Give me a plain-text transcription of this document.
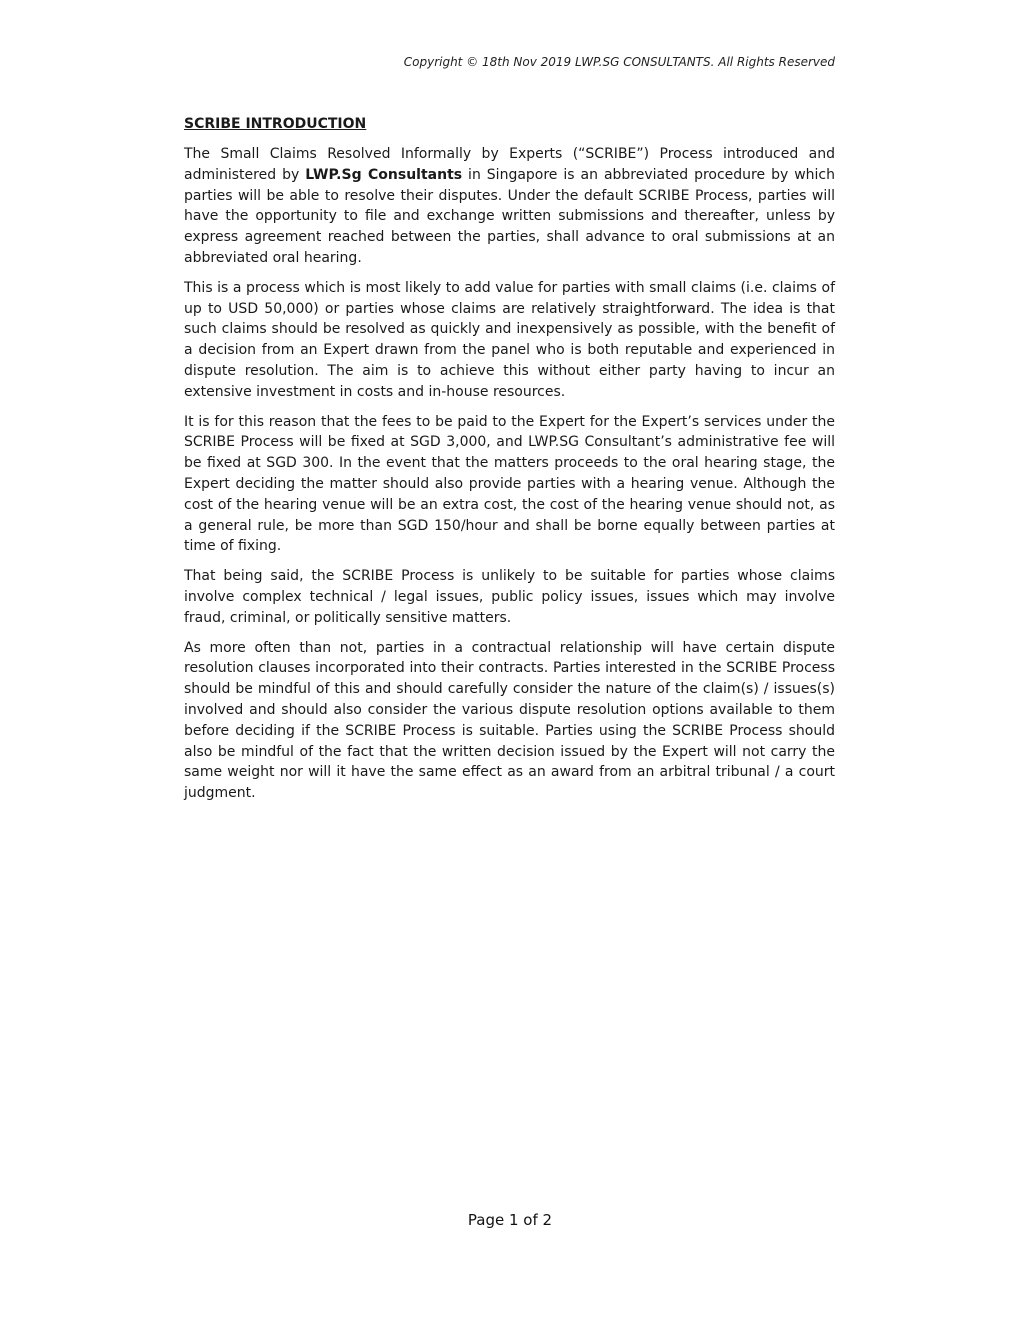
Copyright © 18th Nov 2019 LWP.SG CONSULTANTS. All Rights Reserved
SCRIBE INTRODUCTION

The Small Claims Resolved Informally by Experts (“SCRIBE”) Process introduced and administered by LWP.Sg Consultants in Singapore is an abbreviated procedure by which parties will be able to resolve their disputes. Under the default SCRIBE Process, parties will have the opportunity to file and exchange written submissions and thereafter, unless by express agreement reached between the parties, shall advance to oral submissions at an abbreviated oral hearing.

This is a process which is most likely to add value for parties with small claims (i.e. claims of up to USD 50,000) or parties whose claims are relatively straightforward. The idea is that such claims should be resolved as quickly and inexpensively as possible, with the benefit of a decision from an Expert drawn from the panel who is both reputable and experienced in dispute resolution. The aim is to achieve this without either party having to incur an extensive investment in costs and in-house resources.

It is for this reason that the fees to be paid to the Expert for the Expert’s services under the SCRIBE Process will be fixed at SGD 3,000, and LWP.SG Consultant’s administrative fee will be fixed at SGD 300. In the event that the matters proceeds to the oral hearing stage, the Expert deciding the matter should also provide parties with a hearing venue. Although the cost of the hearing venue will be an extra cost, the cost of the hearing venue should not, as a general rule, be more than SGD 150/hour and shall be borne equally between parties at time of fixing.

That being said, the SCRIBE Process is unlikely to be suitable for parties whose claims involve complex technical / legal issues, public policy issues, issues which may involve fraud, criminal, or politically sensitive matters.

As more often than not, parties in a contractual relationship will have certain dispute resolution clauses incorporated into their contracts. Parties interested in the SCRIBE Process should be mindful of this and should carefully consider the nature of the claim(s) / issues(s) involved and should also consider the various dispute resolution options available to them before deciding if the SCRIBE Process is suitable. Parties using the SCRIBE Process should also be mindful of the fact that the written decision issued by the Expert will not carry the same weight nor will it have the same effect as an award from an arbitral tribunal / a court judgment.

Page 1 of 2
